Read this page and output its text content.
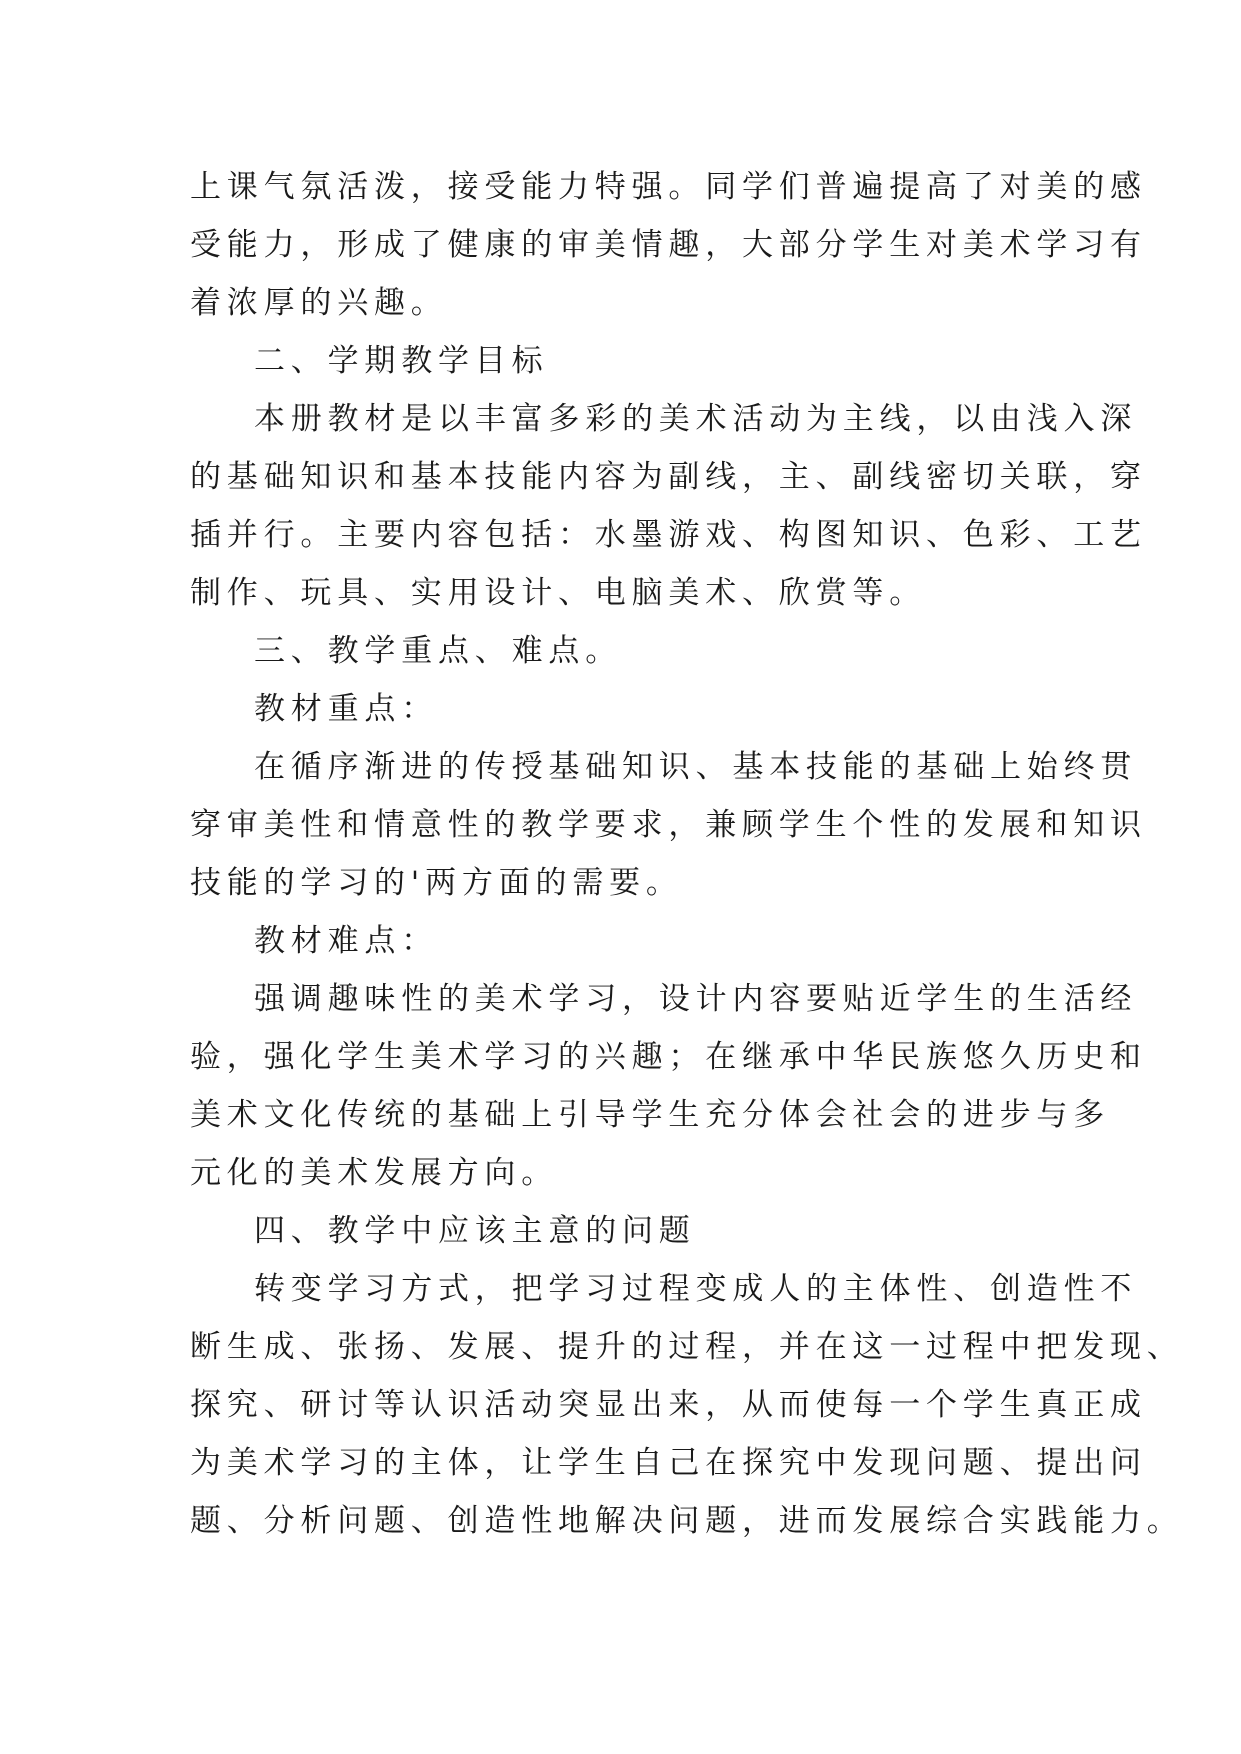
上课气氛活泼，接受能力特强。同学们普遍提高了对美的感
受能力，形成了健康的审美情趣，大部分学生对美术学习有
着浓厚的兴趣。
二、学期教学目标
本册教材是以丰富多彩的美术活动为主线，以由浅入深
的基础知识和基本技能内容为副线，主、副线密切关联，穿
插并行。主要内容包括：水墨游戏、构图知识、色彩、工艺
制作、玩具、实用设计、电脑美术、欣赏等。
三、教学重点、难点。
教材重点：
在循序渐进的传授基础知识、基本技能的基础上始终贯
穿审美性和情意性的教学要求，兼顾学生个性的发展和知识
技能的学习的'两方面的需要。
教材难点：
强调趣味性的美术学习，设计内容要贴近学生的生活经
验，强化学生美术学习的兴趣；在继承中华民族悠久历史和
美术文化传统的基础上引导学生充分体会社会的进步与多
元化的美术发展方向。
四、教学中应该主意的问题
转变学习方式，把学习过程变成人的主体性、创造性不
断生成、张扬、发展、提升的过程，并在这一过程中把发现、
探究、研讨等认识活动突显出来，从而使每一个学生真正成
为美术学习的主体，让学生自己在探究中发现问题、提出问
题、分析问题、创造性地解决问题，进而发展综合实践能力。
